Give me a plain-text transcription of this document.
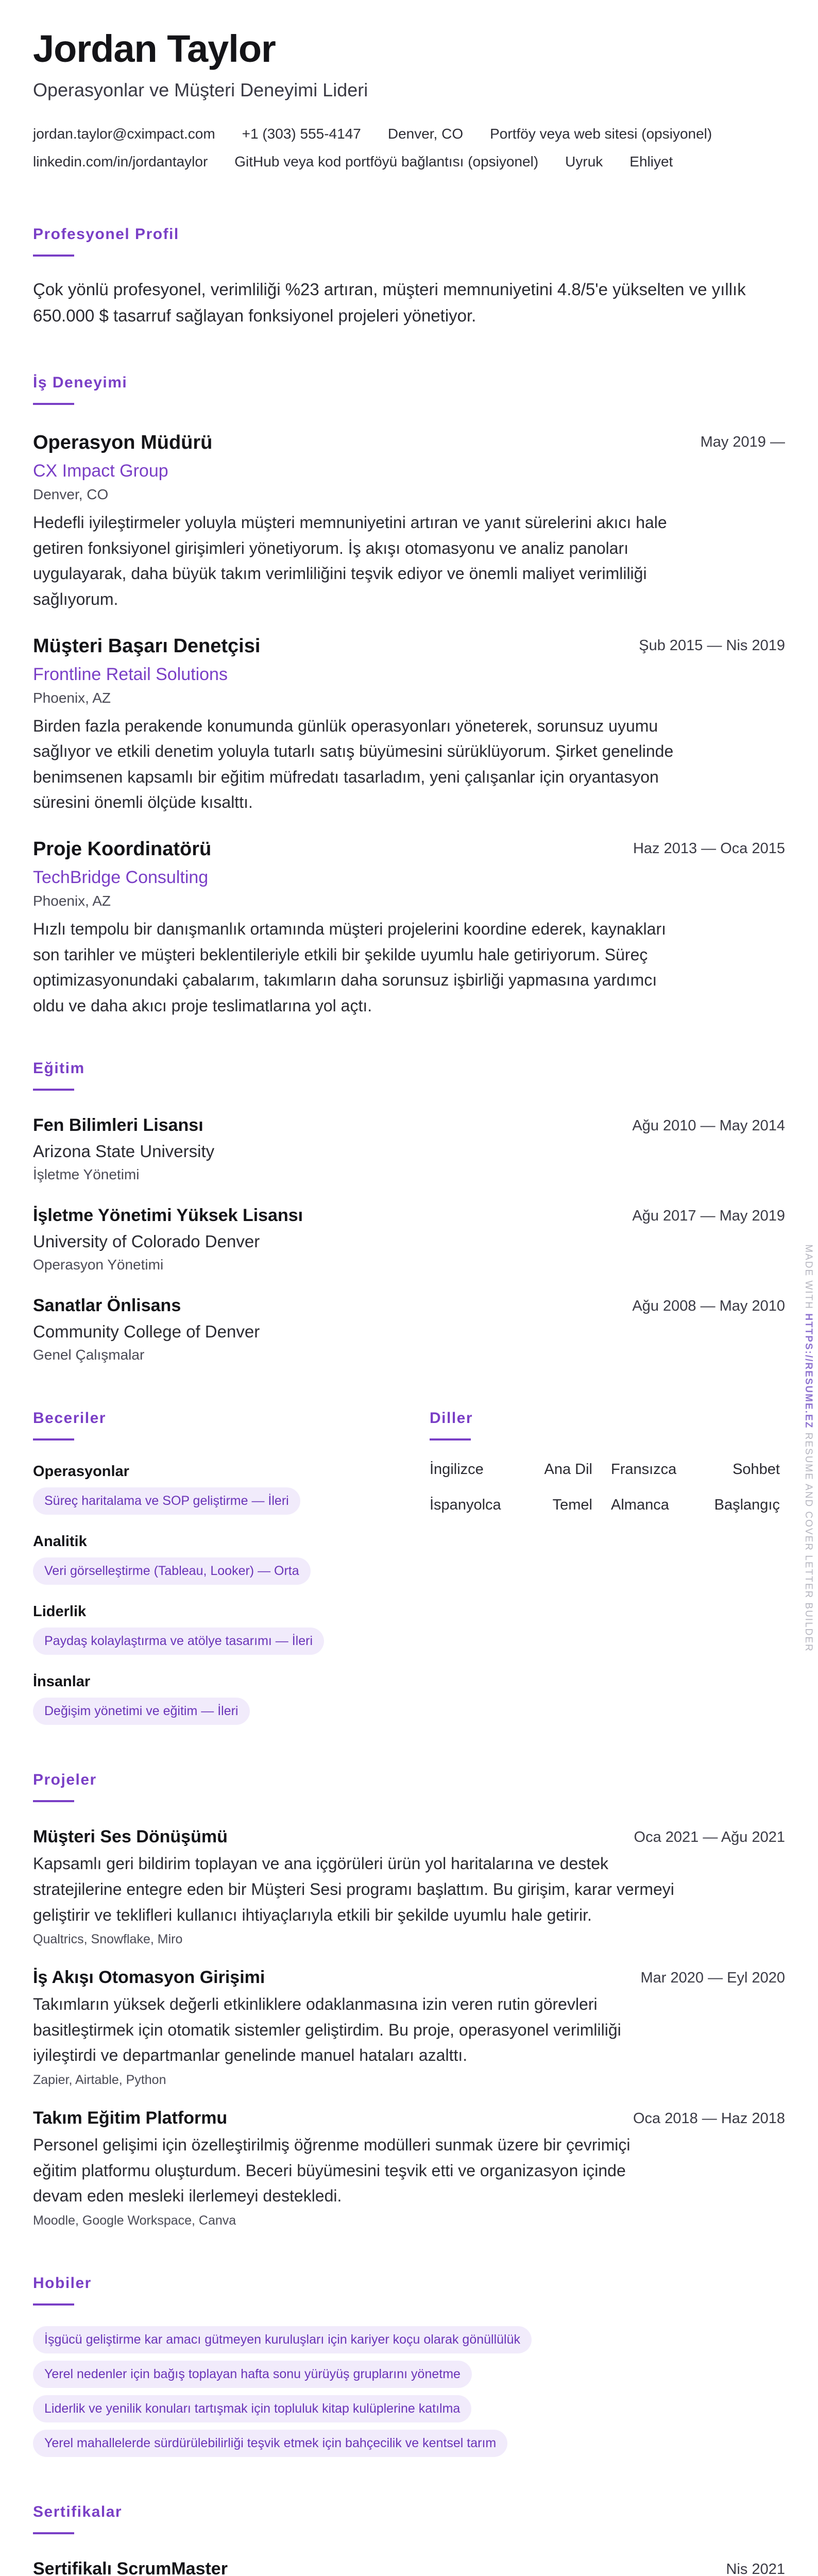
Jordan Taylor
Operasyonlar ve Müşteri Deneyimi Lideri
jordan.taylor@cximpact.com +1 (303) 555-4147 Denver, CO Portföy veya web sitesi (opsiyonel)
linkedin.com/in/jordantaylor GitHub veya kod portföyü bağlantısı (opsiyonel) Uyruk Ehliyet
Profesyonel Profil
Çok yönlü profesyonel, verimliliği %23 artıran, müşteri memnuniyetini 4.8/5'e yükselten ve yıllık 650.000 $ tasarruf sağlayan fonksiyonel projeleri yönetiyor.
İş Deneyimi
Operasyon Müdürü	May 2019 —
CX Impact Group
Denver, CO
Hedefli iyileştirmeler yoluyla müşteri memnuniyetini artıran ve yanıt sürelerini akıcı hale getiren fonksiyonel girişimleri yönetiyorum. İş akışı otomasyonu ve analiz panoları uygulayarak, daha büyük takım verimliliğini teşvik ediyor ve önemli maliyet verimliliği sağlıyorum.
Müşteri Başarı Denetçisi	Şub 2015 — Nis 2019
Frontline Retail Solutions
Phoenix, AZ
Birden fazla perakende konumunda günlük operasyonları yöneterek, sorunsuz uyumu sağlıyor ve etkili denetim yoluyla tutarlı satış büyümesini sürüklüyorum. Şirket genelinde benimsenen kapsamlı bir eğitim müfredatı tasarladım, yeni çalışanlar için oryantasyon süresini önemli ölçüde kısalttı.
Proje Koordinatörü	Haz 2013 — Oca 2015
TechBridge Consulting
Phoenix, AZ
Hızlı tempolu bir danışmanlık ortamında müşteri projelerini koordine ederek, kaynakları son tarihler ve müşteri beklentileriyle etkili bir şekilde uyumlu hale getiriyorum. Süreç optimizasyonundaki çabalarım, takımların daha sorunsuz işbirliği yapmasına yardımcı oldu ve daha akıcı proje teslimatlarına yol açtı.
Eğitim
Fen Bilimleri Lisansı	Ağu 2010 — May 2014
Arizona State University
İşletme Yönetimi
İşletme Yönetimi Yüksek Lisansı	Ağu 2017 — May 2019
University of Colorado Denver
Operasyon Yönetimi
Sanatlar Önlisans	Ağu 2008 — May 2010
Community College of Denver
Genel Çalışmalar
Beceriler
Operasyonlar
Süreç haritalama ve SOP geliştirme — İleri
Analitik
Veri görselleştirme (Tableau, Looker) — Orta
Liderlik
Paydaş kolaylaştırma ve atölye tasarımı — İleri
İnsanlar
Değişim yönetimi ve eğitim — İleri
Diller
İngilizce	Ana Dil	Fransızca	Sohbet
İspanyolca	Temel	Almanca	Başlangıç
Projeler
Müşteri Ses Dönüşümü	Oca 2021 — Ağu 2021
Kapsamlı geri bildirim toplayan ve ana içgörüleri ürün yol haritalarına ve destek stratejilerine entegre eden bir Müşteri Sesi programı başlattım. Bu girişim, karar vermeyi geliştirir ve teklifleri kullanıcı ihtiyaçlarıyla etkili bir şekilde uyumlu hale getirir.
Qualtrics, Snowflake, Miro
İş Akışı Otomasyon Girişimi	Mar 2020 — Eyl 2020
Takımların yüksek değerli etkinliklere odaklanmasına izin veren rutin görevleri basitleştirmek için otomatik sistemler geliştirdim. Bu proje, operasyonel verimliliği iyileştirdi ve departmanlar genelinde manuel hataları azalttı.
Zapier, Airtable, Python
Takım Eğitim Platformu	Oca 2018 — Haz 2018
Personel gelişimi için özelleştirilmiş öğrenme modülleri sunmak üzere bir çevrimiçi eğitim platformu oluşturdum. Beceri büyümesini teşvik etti ve organizasyon içinde devam eden mesleki ilerlemeyi destekledi.
Moodle, Google Workspace, Canva
Hobiler
İşgücü geliştirme kar amacı gütmeyen kuruluşları için kariyer koçu olarak gönüllülük
Yerel nedenler için bağış toplayan hafta sonu yürüyüş gruplarını yönetme
Liderlik ve yenilik konuları tartışmak için topluluk kitap kulüplerine katılma
Yerel mahallelerde sürdürülebilirliği teşvik etmek için bahçecilik ve kentsel tarım
Sertifikalar
Sertifikalı ScrumMaster	Nis 2021
MADE WITH HTTPS://RESUME.EZ RESUME AND COVER LETTER BUILDER
